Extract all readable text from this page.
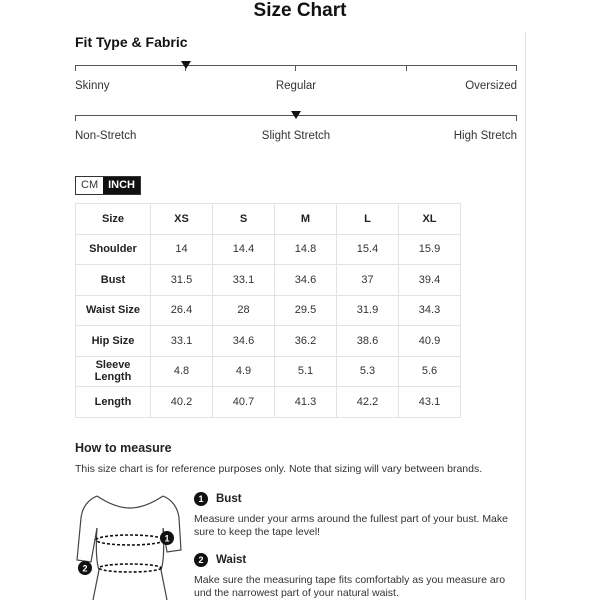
Size Chart
Fit Type & Fabric
Skinny	Regular	Oversized
Non-Stretch	Slight Stretch	High Stretch
CM INCH
Size	XS	S	M	L	XL
Shoulder	14	14.4	14.8	15.4	15.9
Bust	31.5	33.1	34.6	37	39.4
Waist Size	26.4	28	29.5	31.9	34.3
Hip Size	33.1	34.6	36.2	38.6	40.9
Sleeve Length	4.8	4.9	5.1	5.3	5.6
Length	40.2	40.7	41.3	42.2	43.1
How to measure
This size chart is for reference purposes only. Note that sizing will vary between brands.
1
2
1	Bust
Measure under your arms around the fullest part of your bust. Make
sure to keep the tape level!
2	Waist
Make sure the measuring tape fits comfortably as you measure aro
und the narrowest part of your natural waist.
